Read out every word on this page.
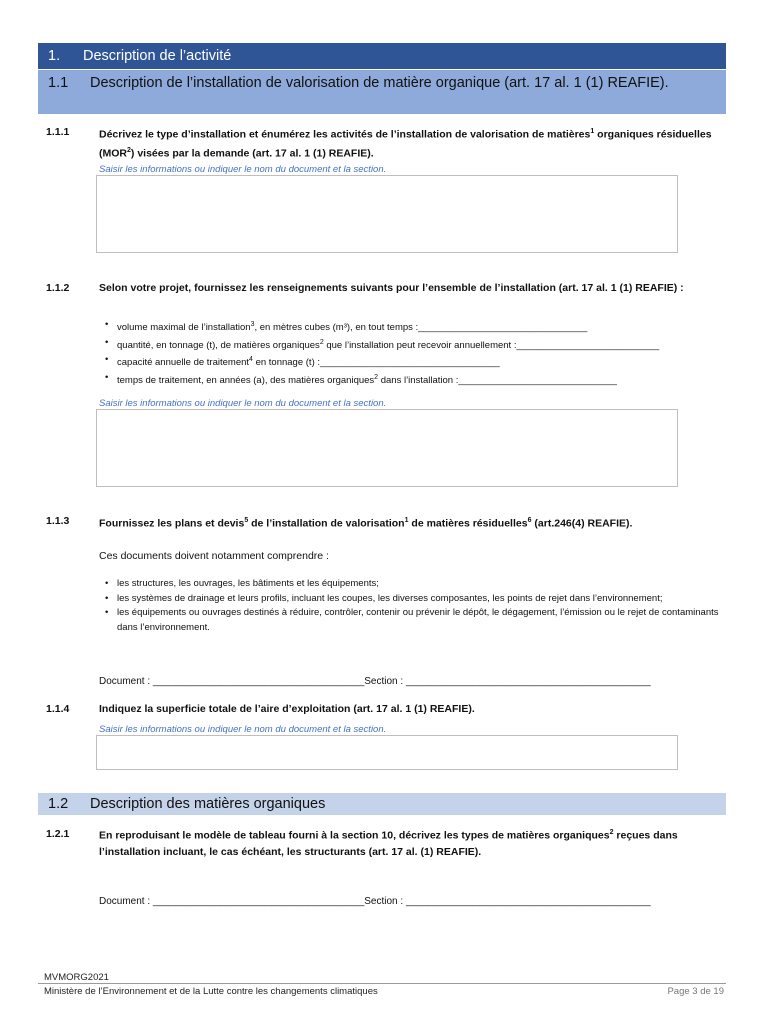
1. Description de l’activité
1.1 Description de l’installation de valorisation de matière organique (art. 17 al. 1 (1) REAFIE).
1.1.1	Décrivez le type d’installation et énumérez les activités de l’installation de valorisation de matières$^1$ organiques résiduelles (MOR$^2$) visées par la demande (art. 17 al. 1 (1) REAFIE).
Saisir les informations ou indiquer le nom du document et la section.
1.1.2	Selon votre projet, fournissez les renseignements suivants pour l’ensemble de l’installation (art. 17 al. 1 (1) REAFIE) :
• volume maximal de l’installation$^3$, en mètres cubes (m³), en tout temps :________________________________
• quantité, en tonnage (t), de matières organiques$^2$ que l’installation peut recevoir annuellement :___________________________
• capacité annuelle de traitement$^4$ en tonnage (t) :__________________________________
• temps de traitement, en années (a), des matières organiques$^2$ dans l’installation :______________________________
Saisir les informations ou indiquer le nom du document et la section.
1.1.3	Fournissez les plans et devis$^5$ de l’installation de valorisation$^1$ de matières résiduelles$^6$ (art.246(4) REAFIE).
Ces documents doivent notamment comprendre :
• les structures, les ouvrages, les bâtiments et les équipements;
• les systèmes de drainage et leurs profils, incluant les coupes, les diverses composantes, les points de rejet dans l’environnement;
• les équipements ou ouvrages destinés à réduire, contrôler, contenir ou prévenir le dépôt, le dégagement, l’émission ou le rejet de contaminants dans l’environnement.
Document : ______________________________________Section : ____________________________________________
1.1.4	Indiquez la superficie totale de l’aire d’exploitation (art. 17 al. 1 (1) REAFIE).
Saisir les informations ou indiquer le nom du document et la section.
1.2 Description des matières organiques
1.2.1	En reproduisant le modèle de tableau fourni à la section 10, décrivez les types de matières organiques$^2$ reçues dans l’installation incluant, le cas échéant, les structurants (art. 17 al. (1) REAFIE).
Document : ______________________________________Section : ____________________________________________
MVMORG2021
Ministère de l’Environnement et de la Lutte contre les changements climatiques	Page 3 de 19
